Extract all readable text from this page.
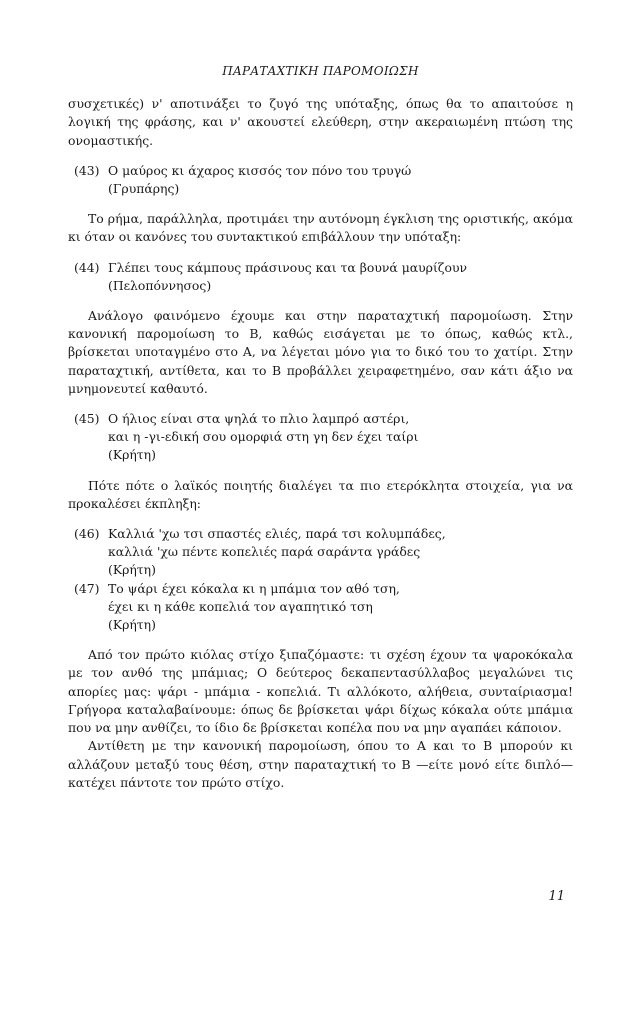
ΠΑΡΑΤΑΧΤΙΚΗ ΠΑΡΟΜΟΙΩΣΗ

συσχετικές) ν' αποτινάξει το ζυγό της υπόταξης, όπως θα το απαιτούσε η λογική της φράσης, και ν' ακουστεί ελεύθερη, στην ακεραιωμένη πτώση της ονομαστικής.

(43) Ο μαύρος κι άχαρος κισσός τον πόνο του τρυγώ
(Γρυπάρης)

Το ρήμα, παράλληλα, προτιμάει την αυτόνομη έγκλιση της οριστικής, ακόμα κι όταν οι κανόνες του συντακτικού επιβάλλουν την υπόταξη:

(44) Γλέπει τους κάμπους πράσινους και τα βουνά μαυρίζουν
(Πελοπόννησος)

Ανάλογο φαινόμενο έχουμε και στην παραταχτική παρομοίωση. Στην κανονική παρομοίωση το Β, καθώς εισάγεται με το όπως, καθώς κτλ., βρίσκεται υποταγμένο στο Α, να λέγεται μόνο για το δικό του το χατίρι. Στην παραταχτική, αντίθετα, και το Β προβάλλει χειραφετημένο, σαν κάτι άξιο να μνημονευτεί καθαυτό.

(45) Ο ήλιος είναι στα ψηλά το πλιο λαμπρό αστέρι,
και η -γι-εδική σου ομορφιά στη γη δεν έχει ταίρι
(Κρήτη)

Πότε πότε ο λαϊκός ποιητής διαλέγει τα πιο ετερόκλητα στοιχεία, για να προκαλέσει έκπληξη:

(46) Καλλιά 'χω τσι σπαστές ελιές, παρά τσι κολυμπάδες,
καλλιά 'χω πέντε κοπελιές παρά σαράντα γράδες
(Κρήτη)
(47) Το ψάρι έχει κόκαλα κι η μπάμια τον αθό τση,
έχει κι η κάθε κοπελιά τον αγαπητικό τση
(Κρήτη)

Από τον πρώτο κιόλας στίχο ξιπαζόμαστε: τι σχέση έχουν τα ψαροκόκαλα με τον ανθό της μπάμιας; Ο δεύτερος δεκαπεντασύλλαβος μεγαλώνει τις απορίες μας: ψάρι - μπάμια - κοπελιά. Τι αλλόκοτο, αλήθεια, συνταίριασμα! Γρήγορα καταλαβαίνουμε: όπως δε βρίσκεται ψάρι δίχως κόκαλα ούτε μπάμια που να μην ανθίζει, το ίδιο δε βρίσκεται κοπέλα που να μην αγαπάει κάποιον.

Αντίθετη με την κανονική παρομοίωση, όπου το Α και το Β μπορούν κι αλλάζουν μεταξύ τους θέση, στην παραταχτική το Β —είτε μονό είτε διπλό— κατέχει πάντοτε τον πρώτο στίχο.

11
